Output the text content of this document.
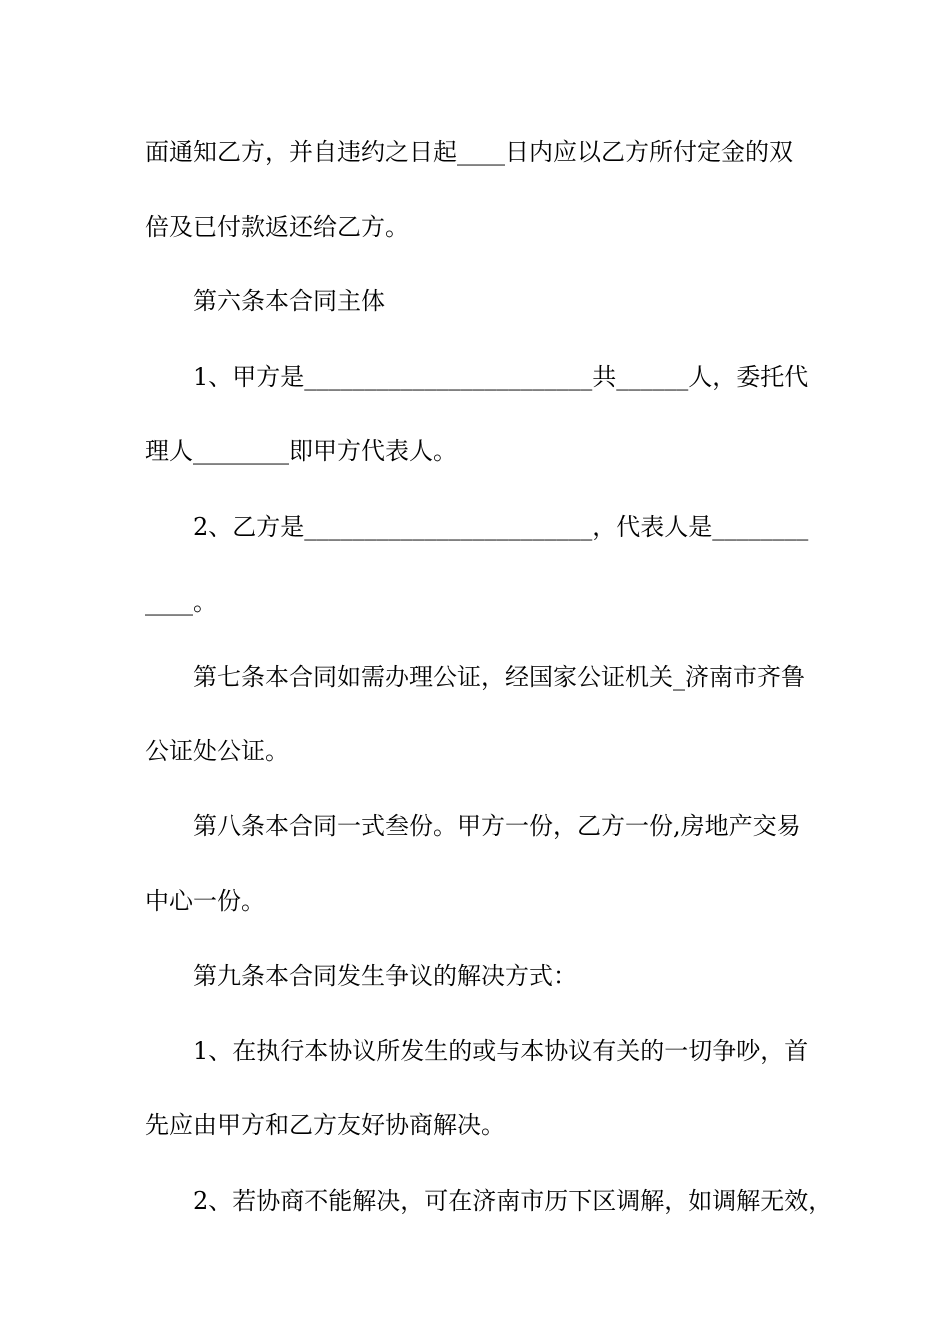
面通知乙方，并自违约之日起____日内应以乙方所付定金的双
倍及已付款返还给乙方。
第六条本合同主体
1、甲方是________________________共______人，委托代
理人________即甲方代表人。
2、乙方是________________________，代表人是________
____。
第七条本合同如需办理公证，经国家公证机关_济南市齐鲁
公证处公证。
第八条本合同一式叁份。甲方一份，乙方一份,房地产交易
中心一份。
第九条本合同发生争议的解决方式：
1、在执行本协议所发生的或与本协议有关的一切争吵，首
先应由甲方和乙方友好协商解决。
2、若协商不能解决，可在济南市历下区调解，如调解无效，
